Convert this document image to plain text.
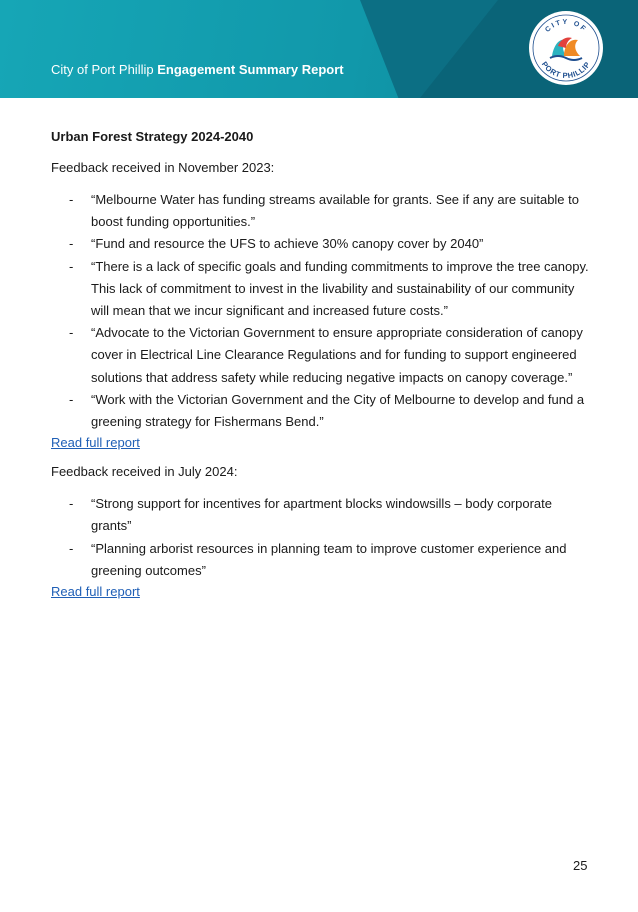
City of Port Phillip Engagement Summary Report
CITY OF
PORT PHILLIP
Urban Forest Strategy 2024-2040
Feedback received in November 2023:
- “Melbourne Water has funding streams available for grants. See if any are suitable to boost funding opportunities.”
- “Fund and resource the UFS to achieve 30% canopy cover by 2040”
- “There is a lack of specific goals and funding commitments to improve the tree canopy. This lack of commitment to invest in the livability and sustainability of our community will mean that we incur significant and increased future costs.”
- “Advocate to the Victorian Government to ensure appropriate consideration of canopy cover in Electrical Line Clearance Regulations and for funding to support engineered solutions that address safety while reducing negative impacts on canopy coverage.”
- “Work with the Victorian Government and the City of Melbourne to develop and fund a greening strategy for Fishermans Bend.”
Read full report
Feedback received in July 2024:
- “Strong support for incentives for apartment blocks windowsills – body corporate grants”
- “Planning arborist resources in planning team to improve customer experience and greening outcomes”
Read full report
25
